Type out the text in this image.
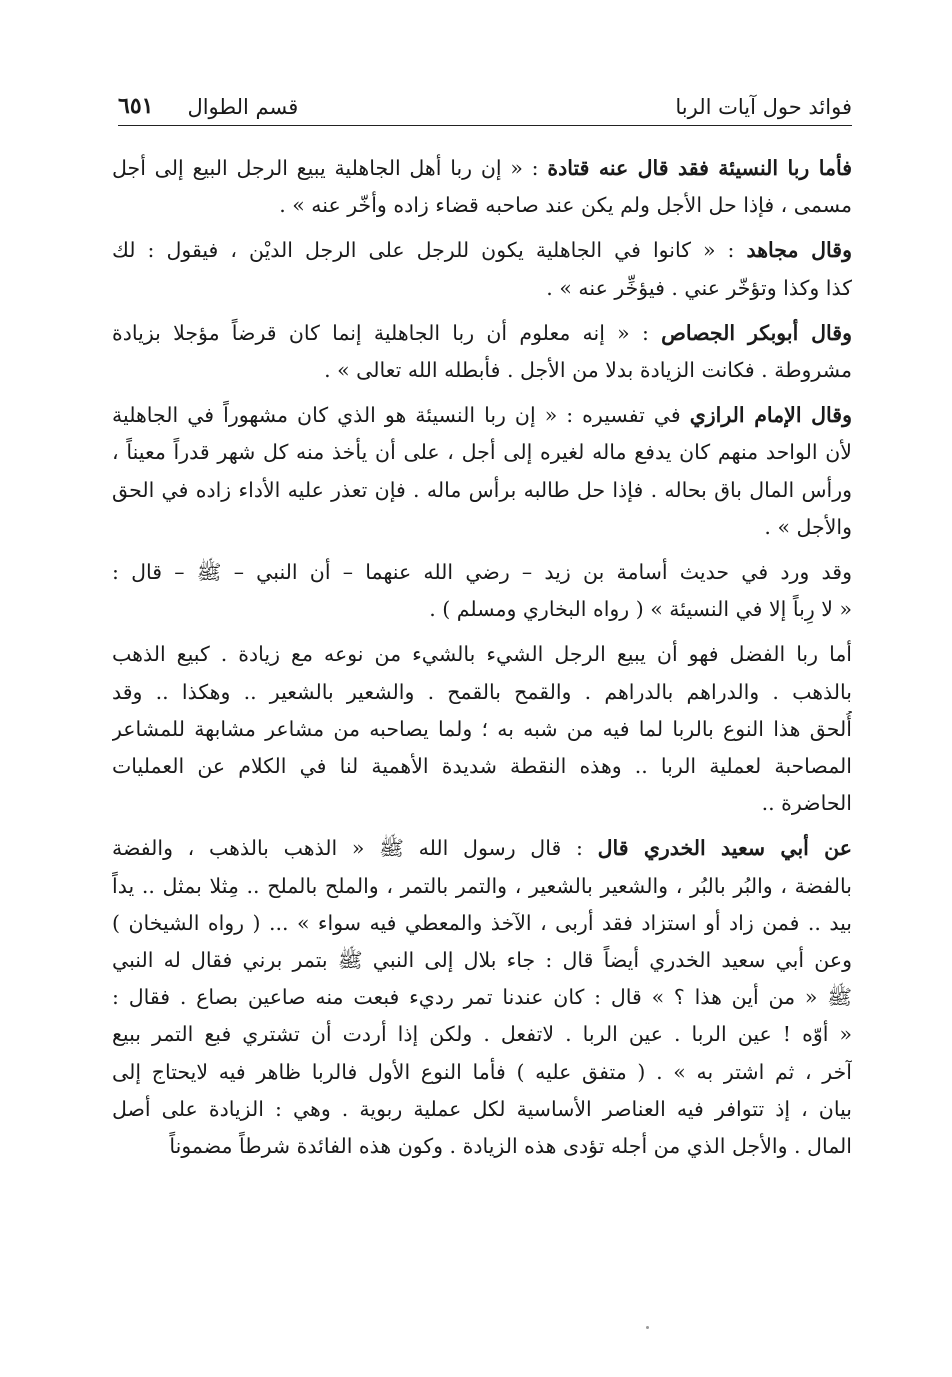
فوائد حول آيات الربا
قسم الطوال
٦٥١
فأما ربا النسيئة فقد قال عنه قتادة : « إن ربا أهل الجاهلية يبيع الرجل البيع إلى أجل
مسمى ، فإذا حل الأجل ولم يكن عند صاحبه قضاء زاده وأخّر عنه » .
وقال مجاهد : « كانوا في الجاهلية يكون للرجل على الرجل الديْن ، فيقول : لك
كذا وكذا وتؤخّر عني . فيؤخِّر عنه » .
وقال أبوبكر الجصاص : « إنه معلوم أن ربا الجاهلية إنما كان قرضاً مؤجلا بزيادة
مشروطة . فكانت الزيادة بدلا من الأجل . فأبطله الله تعالى » .
وقال الإمام الرازي في تفسيره : « إن ربا النسيئة هو الذي كان مشهوراً في الجاهلية
لأن الواحد منهم كان يدفع ماله لغيره إلى أجل ، على أن يأخذ منه كل شهر قدراً معيناً ،
ورأس المال باق بحاله . فإذا حل طالبه برأس ماله . فإن تعذر عليه الأداء زاده في الحق
والأجل » .
وقد ورد في حديث أسامة بن زيد – رضي الله عنهما – أن النبي – ﷺ – قال :
« لا رِباً إلا في النسيئة » ( رواه البخاري ومسلم ) .
أما ربا الفضل فهو أن يبيع الرجل الشيء بالشيء من نوعه مع زيادة . كبيع الذهب
بالذهب . والدراهم بالدراهم . والقمح بالقمح . والشعير بالشعير .. وهكذا .. وقد
أُلحق هذا النوع بالربا لما فيه من شبه به ؛ ولما يصاحبه من مشاعر مشابهة للمشاعر
المصاحبة لعملية الربا .. وهذه النقطة شديدة الأهمية لنا في الكلام عن العمليات
الحاضرة ..
عن أبي سعيد الخدري قال : قال رسول الله ﷺ « الذهب بالذهب ، والفضة
بالفضة ، والبُر بالبُر ، والشعير بالشعير ، والتمر بالتمر ، والملح بالملح .. مِثلا بمثل .. يداً
بيد .. فمن زاد أو استزاد فقد أربى ، الآخذ والمعطي فيه سواء » ... ( رواه الشيخان )
وعن أبي سعيد الخدري أيضاً قال : جاء بلال إلى النبي ﷺ بتمر برني فقال له النبي
ﷺ « من أين هذا ؟ » قال : كان عندنا تمر رديء فبعت منه صاعين بصاع . فقال :
« أوّه ! عين الربا . عين الربا . لاتفعل . ولكن إذا أردت أن تشتري فبع التمر ببيع
آخر ، ثم اشتر به » . ( متفق عليه ) فأما النوع الأول فالربا ظاهر فيه لايحتاج إلى
بيان ، إذ تتوافر فيه العناصر الأساسية لكل عملية ربوية . وهي : الزيادة على أصل
المال . والأجل الذي من أجله تؤدى هذه الزيادة . وكون هذه الفائدة شرطاً مضموناً
